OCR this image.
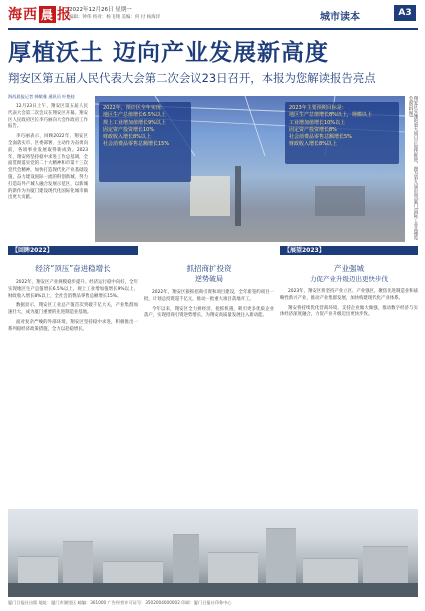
海西 晨 报
2022年12月26日 星期一
编辑：钟伟 校对：杨飞翔 美编：何 付 杨海洋	城市读本	A3
厚植沃土 迈向产业发展新高度
翔安区第五届人民代表大会第二次会议23日召开，本报为您解读报告亮点
海西晨报记者 韩敏雅 通讯员 叶艳桂

12月23日上午，翔安区第五届人民代表大会第二次会议在翔安区开幕。翔安区人民政府区长李巧丽向大会作政府工作报告。

李巧丽表示，回顾2022年，翔安区全面落实市、区委部署，主动作为奋勇向前，各项事业发展取得新成效。2023年，翔安将坚持稳中求进工作总基调，全面贯彻落实党的二十大精神和市第十三次党代会精神，加快打造现代化产业基础设施，奋力建设国际一流的科创新城，努力打造岛外产城人融合发展示范区，以新城的新作为为厦门建设现代化国际化城市做出更大贡献。

2022年，预计区全年实现：
地区生产总值增长6.5%以上
规上工业增加值增长9%以上
固定资产投资增长10%
财政收入增长8%以上
社会消费品零售总额增长15%
2023年主要预期目标是：
地区生产总值增长8%以上，规模以上
工业增加值增长10%以上
固定资产投资增长8%
社会消费品零售总额增长5%
财政收入增长8%以上	翔安区实施的重大项目正加快推进，图为第九届中国(厦门)国际工业品博览会(资料图)
【回眸2022】
经济“顶压”奋进稳增长

2022年，翔安区产业规模稳步提升。经济运行稳中向好，全年实现地区生产总值增长6.5%以上，规上工业增加值增长9%以上，财政收入增长8%以上，全社会消费品零售总额增长15%。

数据显示，翔安区工业总产值首次突破千亿大关，产业集群加速壮大，成为厦门重要的先进制造业基地。

面对复杂严峻的外部环境，翔安区坚持稳中求进，积极推出一系列稳经济政策措施，全力以赴稳增长。

抓招商扩投资
逆势破局

2022年，翔安区狠抓招商引资和项目建设，全年新签约项目一批，计划总投资超千亿元，推动一批重大项目落地开工。

今年以来，翔安区全力拼经济，抢抓机遇，吸引更多优质企业落户，实现招商引资逆势增长，为翔安高质量发展注入新动能。

【展望2023】
产业强城
力促产业升级迈出更快步伐

2023年，翔安区将坚持产业立区、产业强区，聚焦先进制造业和战略性新兴产业，推动产业集群发展，加快构建现代化产业体系。

翔安将持续优化营商环境，支持企业做大做强，推动数字经济与实体经济深度融合，力促产业升级迈出更快步伐。

厦门日报社出版 地址：厦门市湖里区 邮编：361000 广告经营许可证号：3502004000002 印刷：厦门日报社印务中心
